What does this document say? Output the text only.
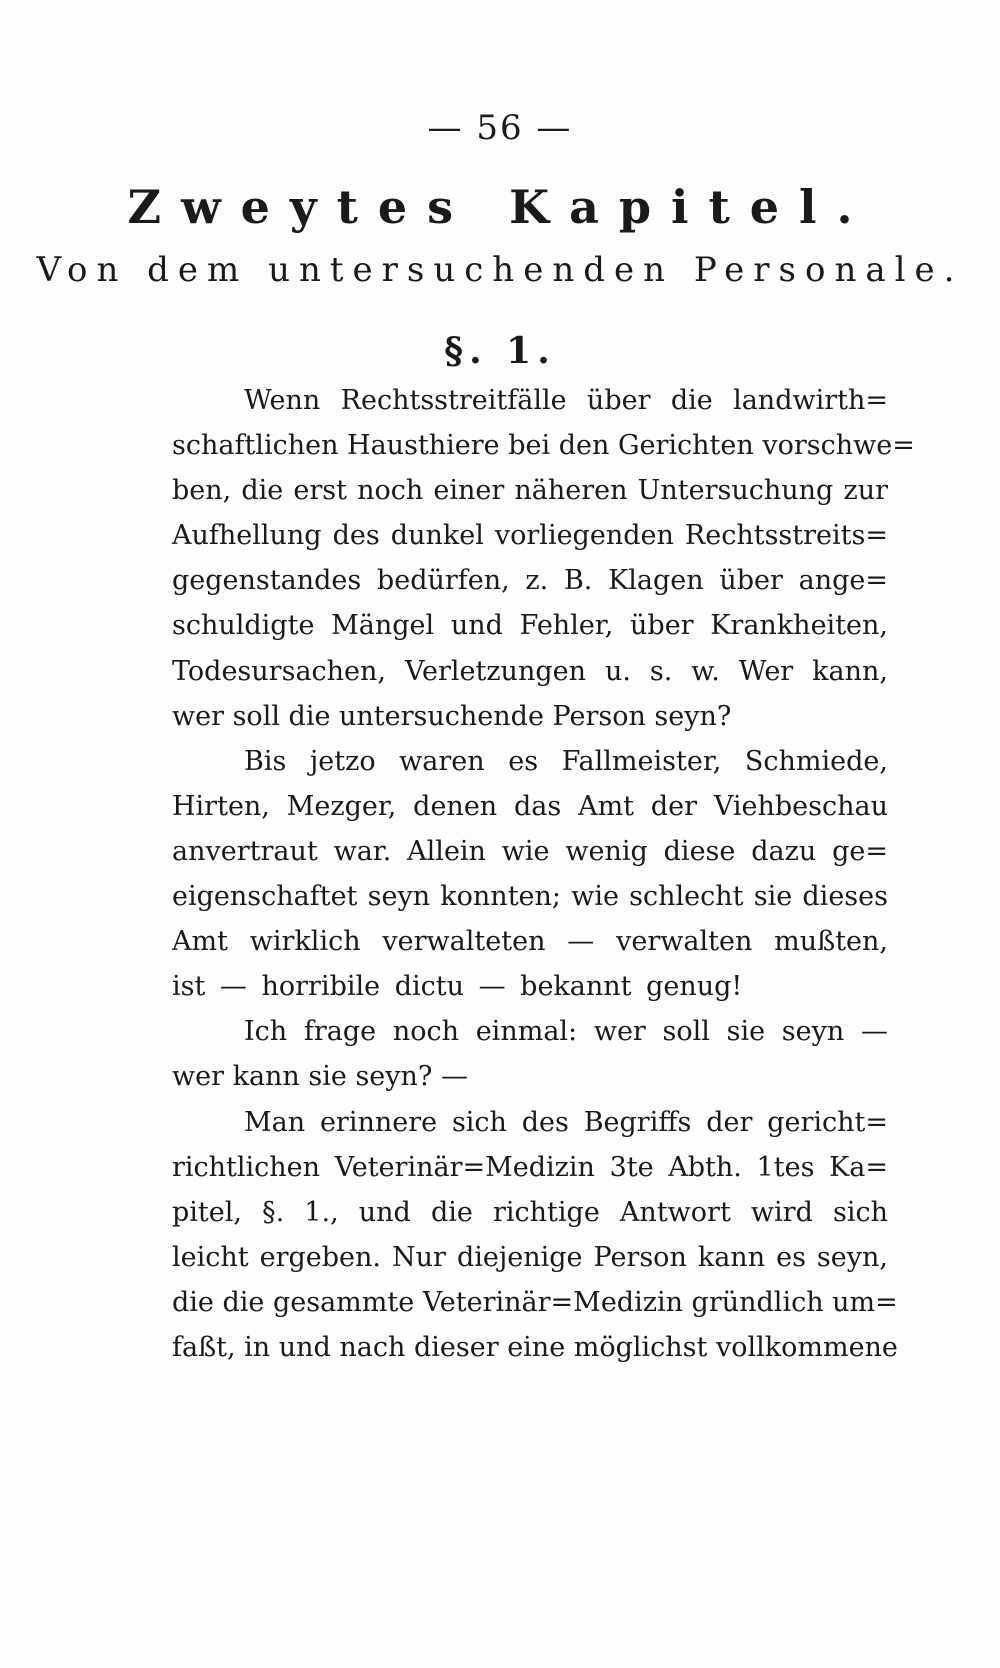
— 56 —
Zweytes Kapitel.
Von dem untersuchenden Personale.
§. 1.
Wenn Rechtsstreitfälle über die landwirth=
schaftlichen Hausthiere bei den Gerichten vorschwe=
ben, die erst noch einer näheren Untersuchung zur
Aufhellung des dunkel vorliegenden Rechtsstreits=
gegenstandes bedürfen, z. B. Klagen über ange=
schuldigte Mängel und Fehler, über Krankheiten,
Todesursachen, Verletzungen u. s. w. Wer kann,
wer soll die untersuchende Person seyn?
Bis jetzo waren es Fallmeister, Schmiede,
Hirten, Mezger, denen das Amt der Viehbeschau
anvertraut war. Allein wie wenig diese dazu ge=
eigenschaftet seyn konnten; wie schlecht sie dieses
Amt wirklich verwalteten — verwalten mußten,
ist — horribile dictu — bekannt genug!
Ich frage noch einmal: wer soll sie seyn —
wer kann sie seyn? —
Man erinnere sich des Begriffs der gericht=
richtlichen Veterinär=Medizin 3te Abth. 1tes Ka=
pitel, §. 1., und die richtige Antwort wird sich
leicht ergeben. Nur diejenige Person kann es seyn,
die die gesammte Veterinär=Medizin gründlich um=
faßt, in und nach dieser eine möglichst vollkommene
